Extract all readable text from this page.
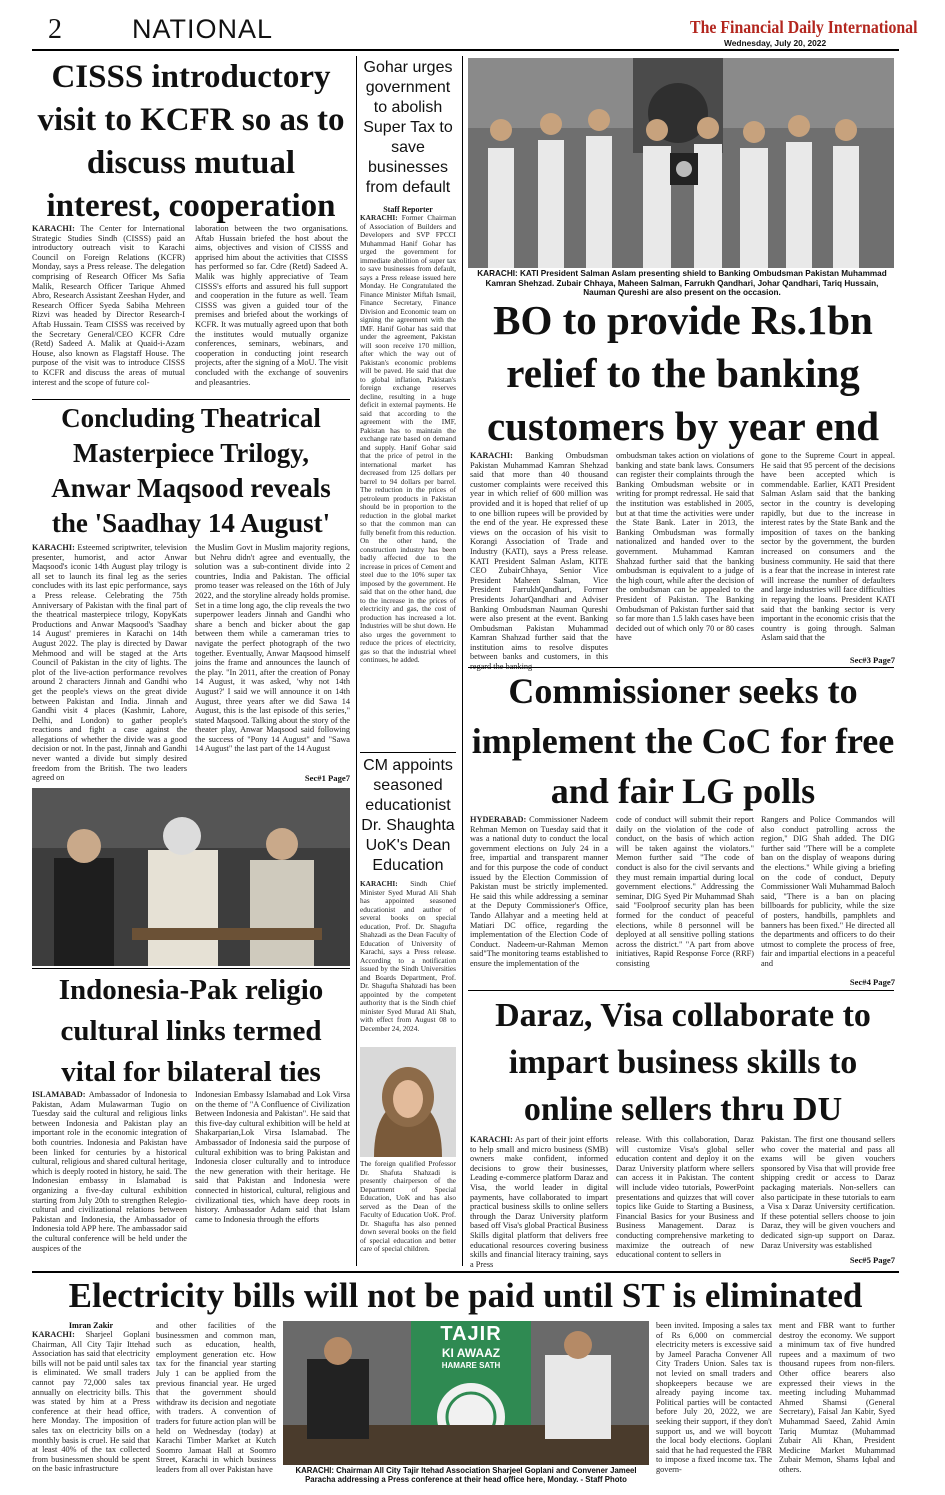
2	NATIONAL	The Financial Daily International
Wednesday, July 20, 2022
CISSS introductory visit to KCFR so as to discuss mutual interest, cooperation
KARACHI: The Center for International Strategic Studies Sindh (CISSS) paid an introductory outreach visit to Karachi Council on Foreign Relations (KCFR) Monday, says a Press release. The delegation comprising of Research Officer Ms Safia Malik, Research Officer Tarique Ahmed Abro, Research Assistant Zeeshan Hyder, and Research Officer Syeda Sabiha Mehreen Rizvi was headed by Director Research-I Aftab Hussain. Team CISSS was received by the Secretary General/CEO KCFR Cdre (Retd) Sadeed A. Malik at Quaid-i-Azam House, also known as Flagstaff House. The purpose of the visit was to introduce CISSS to KCFR and discuss the areas of mutual interest and the scope of future col-
laboration between the two organisations. Aftab Hussain briefed the host about the aims, objectives and vision of CISSS and apprised him about the activities that CISSS has performed so far. Cdre (Retd) Sadeed A. Malik was highly appreciative of Team CISSS's efforts and assured his full support and cooperation in the future as well. Team CISSS was given a guided tour of the premises and briefed about the workings of KCFR. It was mutually agreed upon that both the institutes would mutually organize conferences, seminars, webinars, and cooperation in conducting joint research projects, after the signing of a MoU. The visit concluded with the exchange of souvenirs and pleasantries.
Gohar urges government to abolish Super Tax to save businesses from default
Staff Reporter
KARACHI: Former Chairman of Association of Builders and Developers and SVP FPCCI Muhammad Hanif Gohar has urged the government for immediate abolition of super tax to save businesses from default, says a Press release issued here Monday. He Congratulated the Finance Minister Miftah Ismail, Finance Secretary, Finance Division and Economic team on signing the agreement with the IMF. Hanif Gohar has said that under the agreement, Pakistan will soon receive 170 million, after which the way out of Pakistan's economic problems will be paved. He said that due to global inflation, Pakistan's foreign exchange reserves decline, resulting in a huge deficit in external payments. He said that according to the agreement with the IMF, Pakistan has to maintain the exchange rate based on demand and supply. Hanif Gohar said that the price of petrol in the international market has decreased from 125 dollars per barrel to 94 dollars per barrel. The reduction in the prices of petroleum products in Pakistan should be in proportion to the reduction in the global market so that the common man can fully benefit from this reduction. On the other hand, the construction industry has been badly affected due to the increase in prices of Cement and steel due to the 10% super tax imposed by the government. He said that on the other hand, due to the increase in the prices of electricity and gas, the cost of production has increased a lot. Industries will be shut down. He also urges the government to reduce the prices of electricity, gas so that the industrial wheel continues, he added.
KARACHI: KATI President Salman Aslam presenting shield to Banking Ombudsman Pakistan Muhammad Kamran Shehzad. Zubair Chhaya, Maheen Salman, Farrukh Qandhari, Johar Qandhari, Tariq Hussain, Nauman Qureshi are also present on the occasion.
BO to provide Rs.1bn relief to the banking customers by year end
KARACHI: Banking Ombudsman Pakistan Muhammad Kamran Shehzad said that more than 40 thousand customer complaints were received this year in which relief of 600 million was provided and it is hoped that relief of up to one billion rupees will be provided by the end of the year. He expressed these views on the occasion of his visit to Korangi Association of Trade and Industry (KATI), says a Press release. KATI President Salman Aslam, KITE CEO ZubairChhaya, Senior Vice President Maheen Salman, Vice President FarrukhQandhari, Former Presidents JoharQandhari and Adviser Banking Ombudsman Nauman Qureshi were also present at the event. Banking Ombudsman Pakistan Muhammad Kamran Shahzad further said that the institution aims to resolve disputes between banks and customers, in this
ombudsman takes action on violations of banking and state bank laws. Consumers can register their complaints through the Banking Ombudsman website or in writing for prompt redressal. He said that the institution was established in 2005, but at that time the activities were under the State Bank. Later in 2013, the Banking Ombudsman was formally nationalized and handed over to the government. Muhammad Kamran Shahzad further said that the banking ombudsman is equivalent to a judge of the high court, while after the decision of the ombudsman can be appealed to the President of Pakistan. The Banking Ombudsman of Pakistan further said that so far more than 1.5 lakh cases have been decided out of which only 70 or 80 cases have
gone to the Supreme Court in appeal. He said that 95 percent of the decisions have been accepted which is commendable. Earlier, KATI President Salman Aslam said that the banking sector in the country is developing rapidly, but due to the increase in interest rates by the State Bank and the imposition of taxes on the banking sector by the government, the burden increased on consumers and the business community. He said that there is a fear that the increase in interest rate will increase the number of defaulters and large industries will face difficulties in repaying the loans. President KATI said that the banking sector is very important in the economic crisis that the country is going through. Salman Aslam said that the
Sec#3 Page7
Concluding Theatrical Masterpiece Trilogy, Anwar Maqsood reveals the 'Saadhay 14 August'
KARACHI: Esteemed scriptwriter, television presenter, humorist, and actor Anwar Maqsood's iconic 14th August play trilogy is all set to launch its final leg as the series concludes with its last epic performance, says a Press release. Celebrating the 75th Anniversary of Pakistan with the final part of the theatrical masterpiece trilogy, KopyKats Productions and Anwar Maqsood's 'Saadhay 14 August' premieres in Karachi on 14th August 2022. The play is directed by Dawar Mehmood and will be staged at the Arts Council of Pakistan in the city of lights. The plot of the live-action performance revolves around 2 characters Jinnah and Gandhi who get the people's views on the great divide between Pakistan and India. Jinnah and Gandhi visit 4 places (Kashmir, Lahore, Delhi, and London) to gather people's reactions and fight a case against the allegations of whether the divide was a good decision or not. In the past, Jinnah and Gandhi never wanted a divide but simply desired freedom from the British. The two leaders agreed on
the Muslim Govt in Muslim majority regions, but Nehru didn't agree and eventually, the solution was a sub-continent divide into 2 countries, India and Pakistan. The official promo teaser was released on the 16th of July 2022, and the storyline already holds promise. Set in a time long ago, the clip reveals the two superpower leaders Jinnah and Gandhi who share a bench and bicker about the gap between them while a cameraman tries to navigate the perfect photograph of the two together. Eventually, Anwar Maqsood himself joins the frame and announces the launch of the play. "In 2011, after the creation of Ponay 14 August, it was asked, 'why not 14th August?' I said we will announce it on 14th August, three years after we did Sawa 14 August, this is the last episode of this series," stated Maqsood. Talking about the story of the theater play, Anwar Maqsood said following the success of "Pony 14 August" and "Sawa 14 August" the last part of the 14 August
Sec#1 Page7
CM appoints seasoned educationist Dr. Shaughta UoK's Dean Education
KARACHI: Sindh Chief Minister Syed Murad Ali Shah has appointed seasoned educationist and author of several books on special education, Prof. Dr. Shagufta Shahzadi as the Dean Faculty of Education of University of Karachi, says a Press release. According to a notification issued by the Sindh Universities and Boards Department, Prof. Dr. Shagufta Shahzadi has been appointed by the competent authority that is the Sindh chief minister Syed Murad Ali Shah, with effect from August 08 to December 24, 2024.
The foreign qualified Professor Dr. Shafuta Shahzadi is presently chairperson of the Department of Special Education, UoK and has also served as the Dean of the Faculty of Education UoK. Prof. Dr. Shagufta has also penned down several books on the field of special education and better care of special children.
Commissioner seeks to implement the CoC for free and fair LG polls
HYDERABAD: Commissioner Nadeem Rehman Memon on Tuesday said that it was a national duty to conduct the local government elections on July 24 in a free, impartial and transparent manner and for this purpose the code of conduct issued by the Election Commission of Pakistan must be strictly implemented. He said this while addressing a seminar at the Deputy Commissioner's Office, Tando Allahyar and a meeting held at Matiari DC office, regarding the implementation of the Election Code of Conduct. Nadeem-ur-Rahman Memon said"The monitoring teams established to ensure the implementation of the
code of conduct will submit their report daily on the violation of the code of conduct, on the basis of which action will be taken against the violators." Memon further said "The code of conduct is also for the civil servants and they must remain impartial during local government elections." Addressing the seminar, DIG Syed Pir Muhammad Shah said "Foolproof security plan has been formed for the conduct of peaceful elections, while 8 personnel will be deployed at all sensitive polling stations across the district." "A part from above initiatives, Rapid Response Force (RRF) consisting
Rangers and Police Commandos will also conduct patrolling across the region," DIG Shah added. The DIG further said "There will be a complete ban on the display of weapons during the elections." While giving a briefing on the code of conduct, Deputy Commissioner Wali Muhammad Baloch said, "There is a ban on placing billboards for publicity, while the size of posters, handbills, pamphlets and banners has been fixed." He directed all the departments and officers to do their utmost to complete the process of free, fair and impartial elections in a peaceful and
Sec#4 Page7
Indonesia-Pak religio cultural links termed vital for bilateral ties
ISLAMABAD: Ambassador of Indonesia to Pakistan, Adam Mulawarman Tugio on Tuesday said the cultural and religious links between Indonesia and Pakistan play an important role in the economic integration of both countries. Indonesia and Pakistan have been linked for centuries by a historical cultural, religious and shared cultural heritage, which is deeply rooted in history, he said. The Indonesian embassy in Islamabad is organizing a five-day cultural exhibition starting from July 20th to strengthen Relegio-cultural and civilizational relations between Pakistan and Indonesia, the Ambassador of Indonesia told APP here. The ambassador said the cultural conference will be held under the auspices of the
Indonesian Embassy Islamabad and Lok Virsa on the theme of "A Confluence of Civilization Between Indonesia and Pakistan". He said that this five-day cultural exhibition will be held at Shakarparian,Lok Virsa Islamabad. The Ambassador of Indonesia said the purpose of cultural exhibition was to bring Pakistan and Indonesia closer culturally and to introduce the new generation with their heritage. He said that Pakistan and Indonesia were connected in historical, cultural, religious and civilizational ties, which have deep roots in history. Ambassador Adam said that Islam came to Indonesia through the efforts
Daraz, Visa collaborate to impart business skills to online sellers thru DU
KARACHI: As part of their joint efforts to help small and micro business (SMB) owners make confident, informed decisions to grow their businesses, Leading e-commerce platform Daraz and Visa, the world leader in digital payments, have collaborated to impart practical business skills to online sellers through the Daraz University platform based off Visa's global Practical Business Skills digital platform that delivers free educational resources covering business skills and financial literacy training, says a Press
release. With this collaboration, Daraz will customize Visa's global seller education content and deploy it on the Daraz University platform where sellers can access it in Pakistan. The content will include video tutorials, PowerPoint presentations and quizzes that will cover topics like Guide to Starting a Business, Financial Basics for your Business and Business Management. Daraz is conducting comprehensive marketing to maximize the outreach of new educational content to sellers in
Pakistan. The first one thousand sellers who cover the material and pass all exams will be given vouchers sponsored by Visa that will provide free shipping credit or access to Daraz packaging materials. Non-sellers can also participate in these tutorials to earn a Visa x Daraz University certification. If these potential sellers choose to join Daraz, they will be given vouchers and dedicated sign-up support on Daraz. Daraz University was established
Sec#5 Page7
Electricity bills will not be paid until ST is eliminated
Imran Zakir
KARACHI: Sharjeel Goplani Chairman, All City Tajir Ittehad Association has said that electricity bills will not be paid until sales tax is eliminated. We small traders cannot pay 72,000 sales tax annually on electricity bills. This was stated by him at a Press conference at their head office, here Monday. The imposition of sales tax on electricity bills on a monthly basis is cruel. He said that at least 40% of the tax collected from businessmen should be spent on the basic infrastructure
and other facilities of the businessmen and common man, such as education, health, employment generation etc. How tax for the financial year starting July 1 can be applied from the previous financial year. He urged that the government should withdraw its decision and negotiate with traders. A convention of traders for future action plan will be held on Wednesday (today) at Karachi Timber Market at Kutch Soomro Jamaat Hall at Soomro Street, Karachi in which business leaders from all over Pakistan have
TAJIR
KI AWAAZ
HAMARE SATH
KARACHI: Chairman All City Tajir Itehad Association Sharjeel Goplani and Convener Jameel Paracha addressing a Press conference at their head office here, Monday. - Staff Photo
been invited. Imposing a sales tax of Rs 6,000 on commercial electricity meters is excessive said by Jameel Paracha Convener All City Traders Union. Sales tax is not levied on small traders and shopkeepers because we are already paying income tax. Political parties will be contacted before July 20, 2022, we are seeking their support, if they don't support us, and we will boycott the local body elections. Goplani said that he had requested the FBR to impose a fixed income tax. The govern-
ment and FBR want to further destroy the economy. We support a minimum tax of five hundred rupees and a maximum of two thousand rupees from non-filers. Other office bearers also expressed their views in the meeting including Muhammad Ahmed Shamsi (General Secretary), Faisal Jan Kabir, Syed Muhammad Saeed, Zahid Amin Tariq Mumtaz (Muhammad Zubair Ali Khan, President Medicine Market Muhammad Zubair Memon, Shams Iqbal and others.
